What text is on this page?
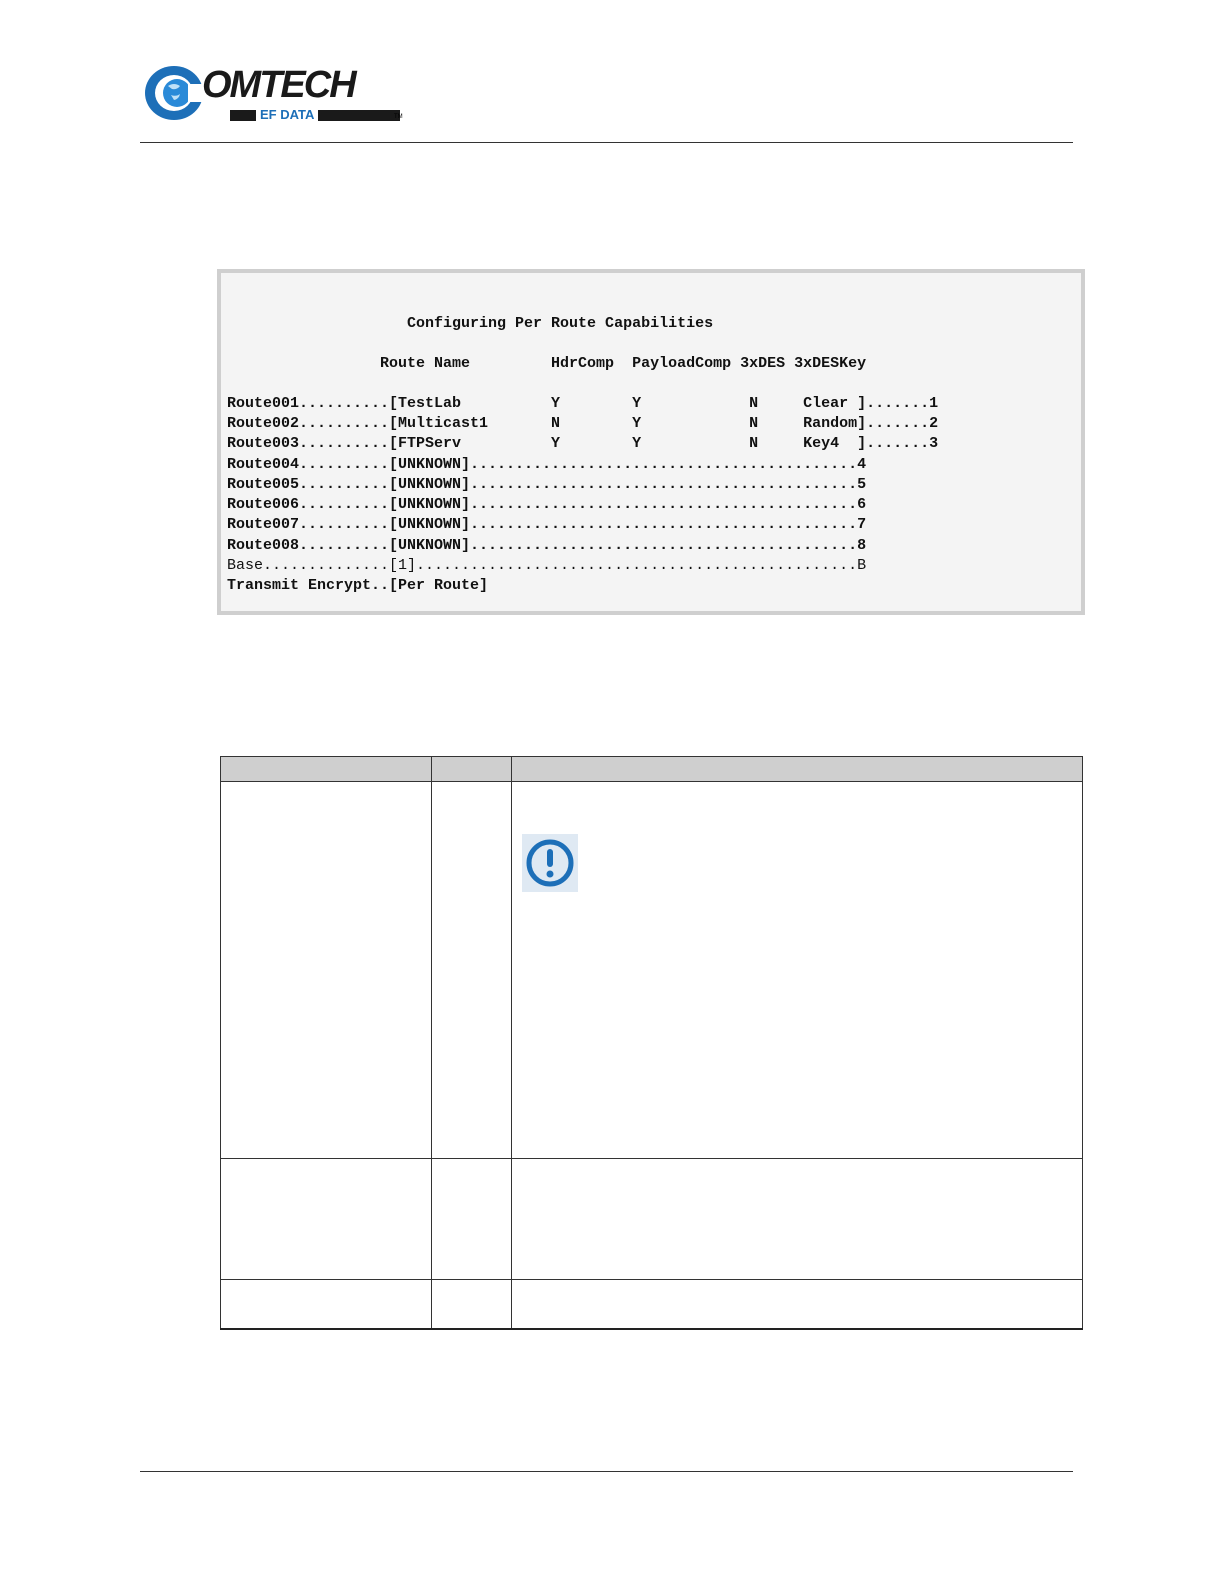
OMTECH
EF DATA	TM
Configuring Per Route Capabilities
Route Name         HdrComp  PayloadComp 3xDES 3xDESKey
Route001..........[TestLab          Y        Y            N     Clear ].......1
Route002..........[Multicast1       N        Y            N     Random].......2
Route003..........[FTPServ          Y        Y            N     Key4  ].......3
Route004..........[UNKNOWN]...........................................4
Route005..........[UNKNOWN]...........................................5
Route006..........[UNKNOWN]...........................................6
Route007..........[UNKNOWN]...........................................7
Route008..........[UNKNOWN]...........................................8
Base..............[1].................................................B
Transmit Encrypt..[Per Route]
